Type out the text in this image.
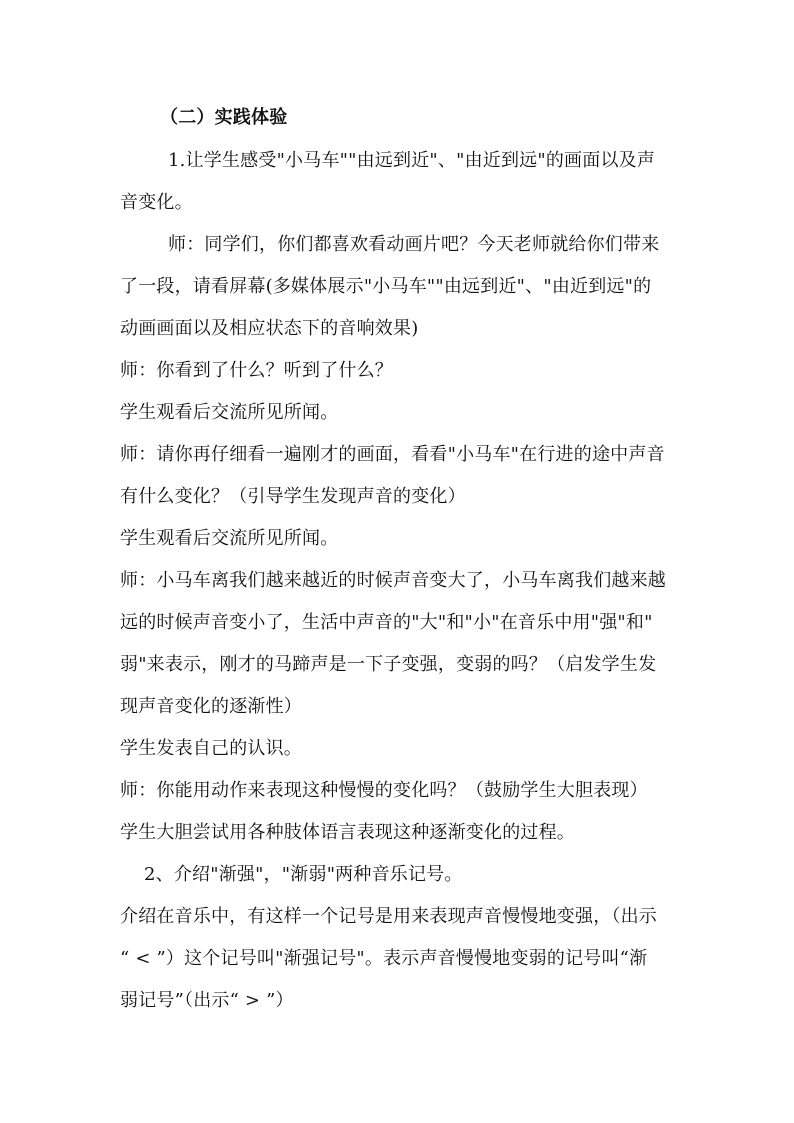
（二）实践体验
1.让学生感受"小马车""由远到近"、"由近到远"的画面以及声
音变化。
师：同学们，你们都喜欢看动画片吧？今天老师就给你们带来
了一段，请看屏幕(多媒体展示"小马车""由远到近"、"由近到远"的
动画画面以及相应状态下的音响效果)
师：你看到了什么？听到了什么？
学生观看后交流所见所闻。
师：请你再仔细看一遍刚才的画面，看看"小马车"在行进的途中声音
有什么变化？（引导学生发现声音的变化）
学生观看后交流所见所闻。
师：小马车离我们越来越近的时候声音变大了，小马车离我们越来越
远的时候声音变小了，生活中声音的"大"和"小"在音乐中用"强"和"
弱"来表示，刚才的马蹄声是一下子变强，变弱的吗？（启发学生发
现声音变化的逐渐性）
学生发表自己的认识。
师：你能用动作来表现这种慢慢的变化吗？（鼓励学生大胆表现）
学生大胆尝试用各种肢体语言表现这种逐渐变化的过程。
2、介绍"渐强"，"渐弱"两种音乐记号。
介绍在音乐中，有这样一个记号是用来表现声音慢慢地变强，（出示
“ < ”）这个记号叫"渐强记号"。表示声音慢慢地变弱的记号叫“渐
弱记号”（出示“ > ”）
